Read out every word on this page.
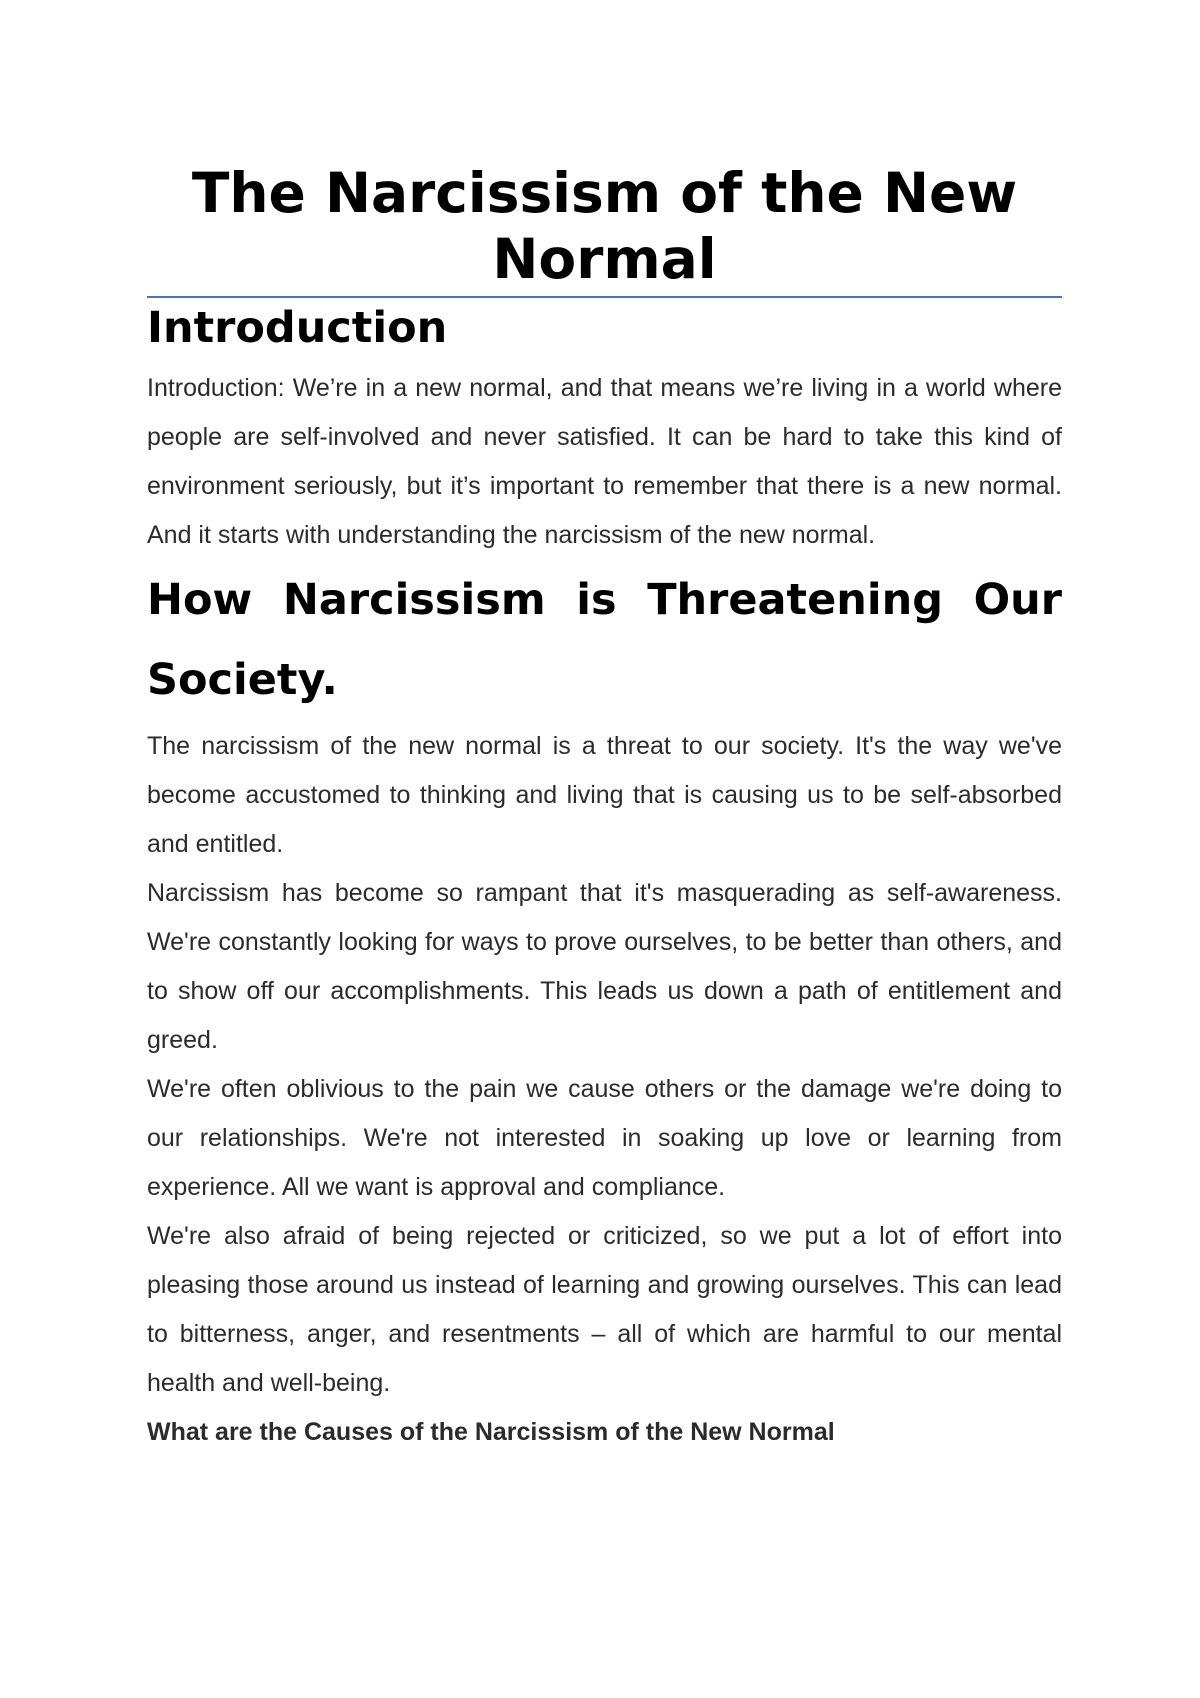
The Narcissism of the New Normal
Introduction

Introduction: We’re in a new normal, and that means we’re living in a world where people are self-involved and never satisfied. It can be hard to take this kind of environment seriously, but it’s important to remember that there is a new normal. And it starts with understanding the narcissism of the new normal.

How Narcissism is Threatening Our Society.

The narcissism of the new normal is a threat to our society. It's the way we've become accustomed to thinking and living that is causing us to be self-absorbed and entitled.

Narcissism has become so rampant that it's masquerading as self-awareness. We're constantly looking for ways to prove ourselves, to be better than others, and to show off our accomplishments. This leads us down a path of entitlement and greed.

We're often oblivious to the pain we cause others or the damage we're doing to our relationships. We're not interested in soaking up love or learning from experience. All we want is approval and compliance.

We're also afraid of being rejected or criticized, so we put a lot of effort into pleasing those around us instead of learning and growing ourselves. This can lead to bitterness, anger, and resentments – all of which are harmful to our mental health and well-being.

What are the Causes of the Narcissism of the New Normal
